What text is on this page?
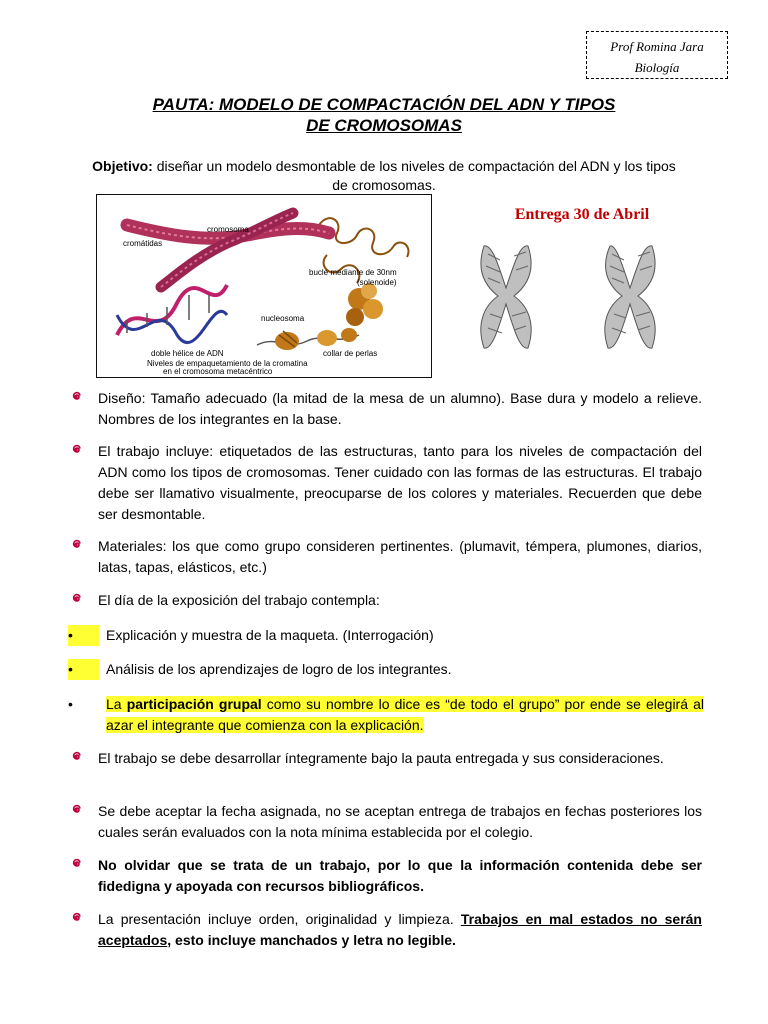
Prof Romina Jara
Biología
PAUTA: MODELO DE COMPACTACIÓN DEL ADN Y TIPOS
DE CROMOSOMAS
Objetivo: diseñar un modelo desmontable de los niveles de compactación del ADN y los tipos de cromosomas.
cromosoma
cromátidas
bucle mediante de 30nm
(solenoide)
nucleosoma
doble hélice de ADN	collar de perlas
Niveles de empaquetamiento de la cromatina
en el cromosoma metacéntrico
Entrega 30 de Abril
Diseño: Tamaño adecuado (la mitad de la mesa de un alumno). Base dura y modelo a relieve. Nombres de los integrantes en la base.
El trabajo incluye: etiquetados de las estructuras, tanto para los niveles de compactación del ADN como los tipos de cromosomas. Tener cuidado con las formas de las estructuras. El trabajo debe ser llamativo visualmente, preocuparse de los colores y materiales. Recuerden que debe ser desmontable.
Materiales: los que como grupo consideren pertinentes. (plumavit, témpera, plumones, diarios, latas, tapas, elásticos, etc.)
El día de la exposición del trabajo contempla:
•	Explicación y muestra de la maqueta. (Interrogación)
•	Análisis de los aprendizajes de logro de los integrantes.
•	La participación grupal como su nombre lo dice es “de todo el grupo” por ende se elegirá al azar el integrante que comienza con la explicación.
El trabajo se debe desarrollar íntegramente bajo la pauta entregada y sus consideraciones.
Se debe aceptar la fecha asignada, no se aceptan entrega de trabajos en fechas posteriores los cuales serán evaluados con la nota mínima establecida por el colegio.
No olvidar que se trata de un trabajo, por lo que la información contenida debe ser fidedigna y apoyada con recursos bibliográficos.
La presentación incluye orden, originalidad y limpieza. Trabajos en mal estados no serán aceptados, esto incluye manchados y letra no legible.
